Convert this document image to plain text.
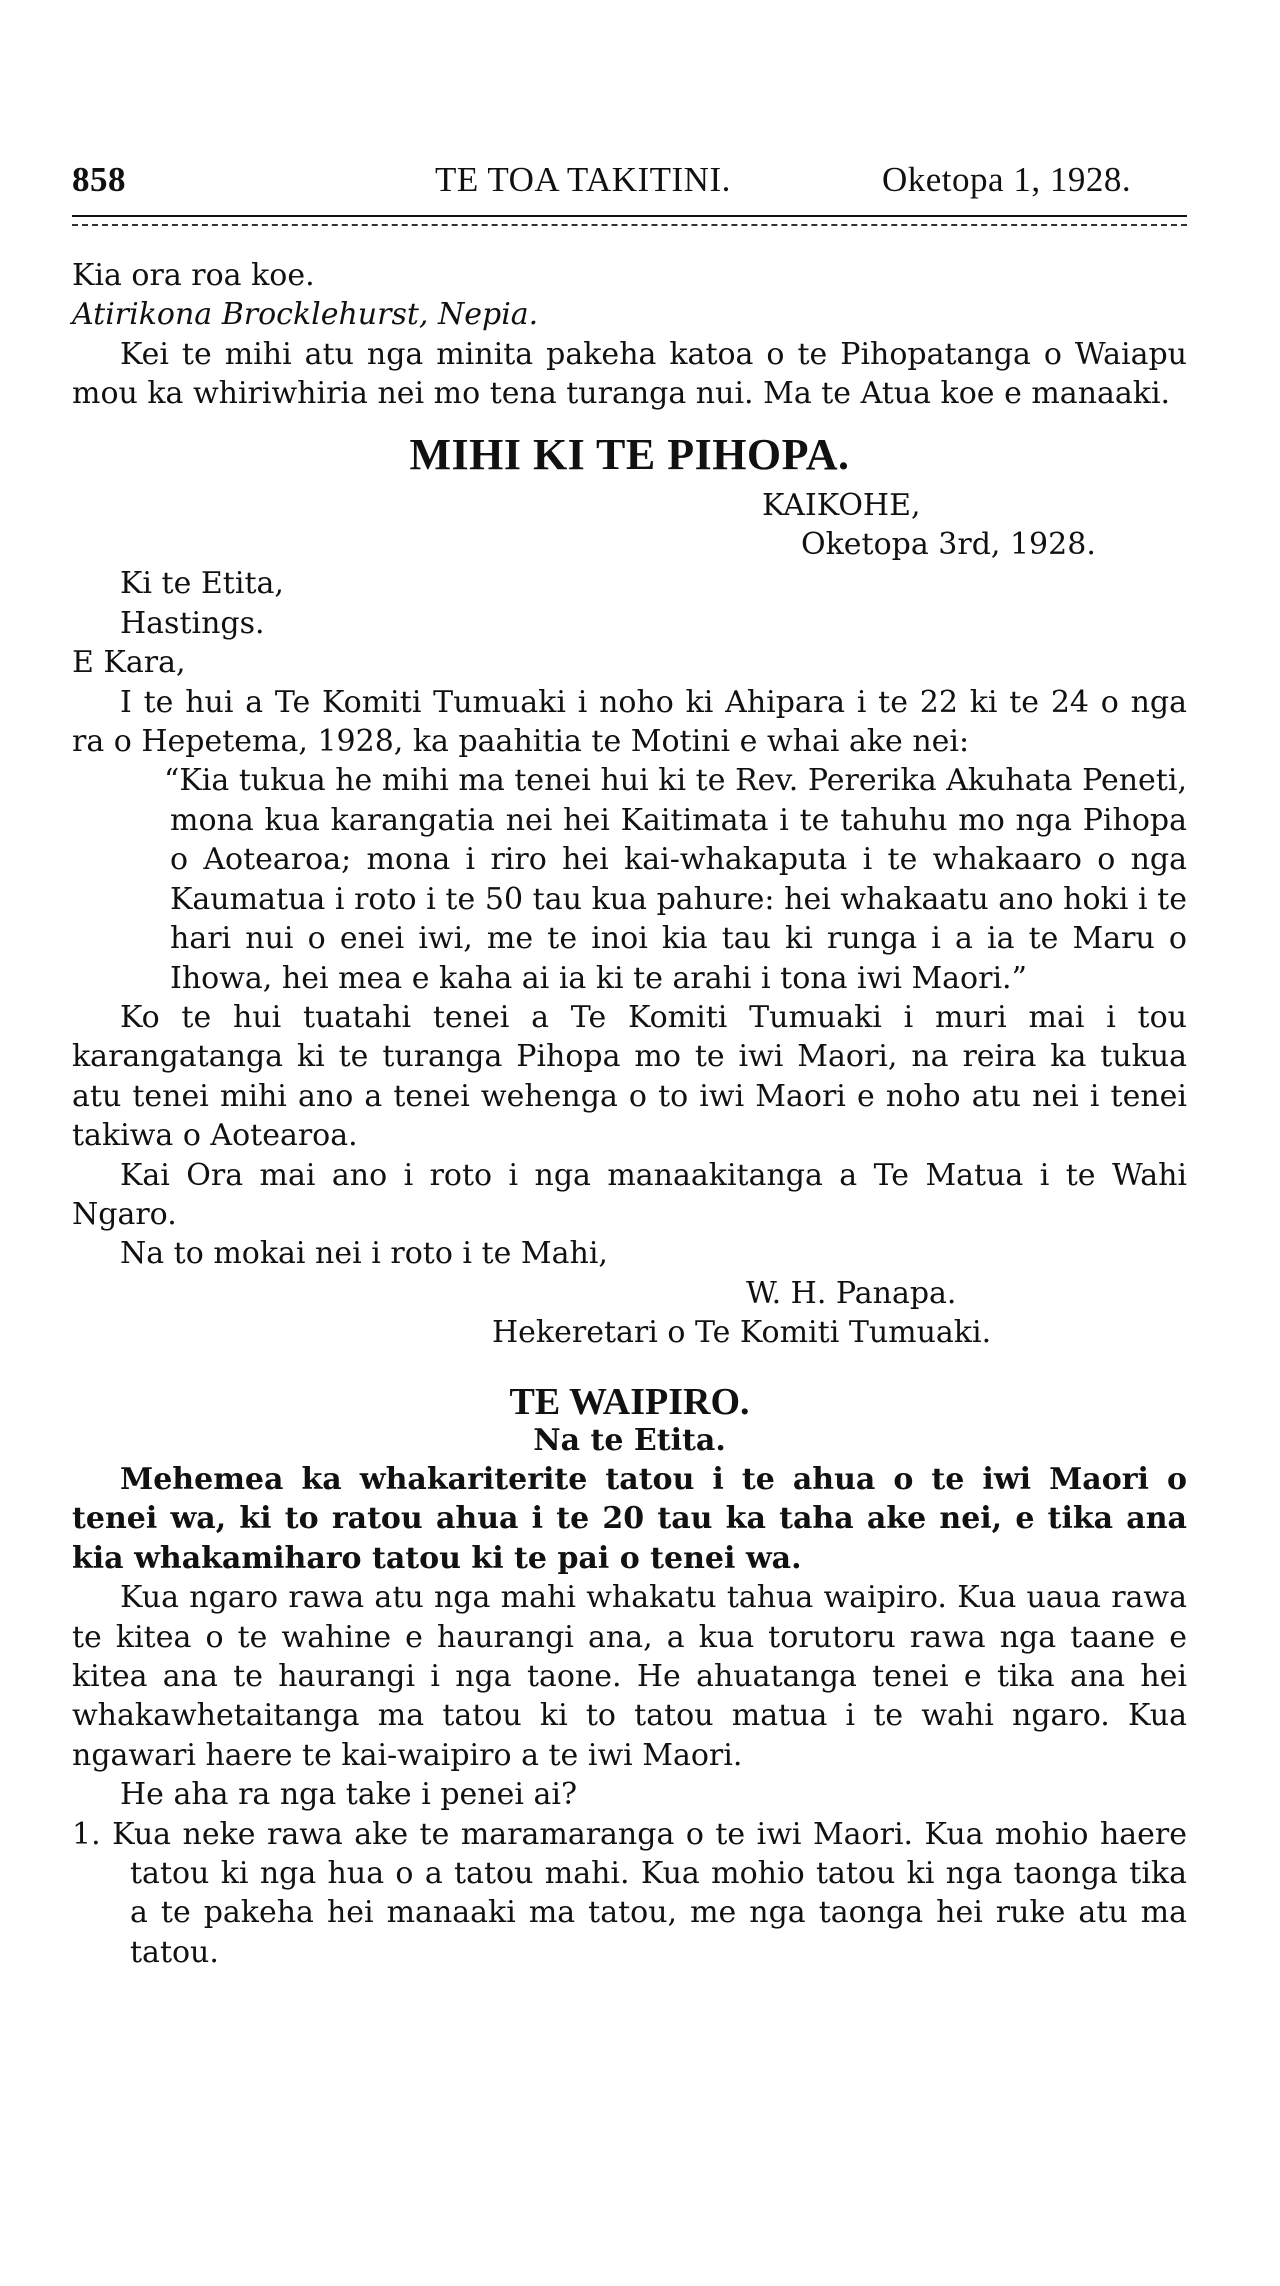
858	TE TOA TAKITINI.	Oketopa 1, 1928.

Kia ora roa koe.

Atirikona Brocklehurst, Nepia.

Kei te mihi atu nga minita pakeha katoa o te Pihopatanga o Waiapu mou ka whiriwhiria nei mo tena turanga nui. Ma te Atua koe e manaaki.

MIHI KI TE PIHOPA.

KAIKOHE,

Oketopa 3rd, 1928.

Ki te Etita,

Hastings.

E Kara,

I te hui a Te Komiti Tumuaki i noho ki Ahipara i te 22 ki te 24 o nga ra o Hepetema, 1928, ka paahitia te Motini e whai ake nei:

“Kia tukua he mihi ma tenei hui ki te Rev. Pererika Akuhata Peneti, mona kua karangatia nei hei Kaitimata i te tahuhu mo nga Pihopa o Aotearoa; mona i riro hei kai-whakaputa i te whakaaro o nga Kaumatua i roto i te 50 tau kua pahure: hei whakaatu ano hoki i te hari nui o enei iwi, me te inoi kia tau ki runga i a ia te Maru o Ihowa, hei mea e kaha ai ia ki te arahi i tona iwi Maori.”

Ko te hui tuatahi tenei a Te Komiti Tumuaki i muri mai i tou karangatanga ki te turanga Pihopa mo te iwi Maori, na reira ka tukua atu tenei mihi ano a tenei wehenga o to iwi Maori e noho atu nei i tenei takiwa o Aotearoa.

Kai Ora mai ano i roto i nga manaakitanga a Te Matua i te Wahi Ngaro.

Na to mokai nei i roto i te Mahi,

W. H. Panapa.

Hekeretari o Te Komiti Tumuaki.

TE WAIPIRO.

Na te Etita.

Mehemea ka whakariterite tatou i te ahua o te iwi Maori o tenei wa, ki to ratou ahua i te 20 tau ka taha ake nei, e tika ana kia whakamiharo tatou ki te pai o tenei wa.

Kua ngaro rawa atu nga mahi whakatu tahua waipiro. Kua uaua rawa te kitea o te wahine e haurangi ana, a kua torutoru rawa nga taane e kitea ana te haurangi i nga taone. He ahuatanga tenei e tika ana hei whakawhetaitanga ma tatou ki to tatou matua i te wahi ngaro. Kua ngawari haere te kai-waipiro a te iwi Maori.

He aha ra nga take i penei ai?

1. Kua neke rawa ake te maramaranga o te iwi Maori. Kua mohio haere tatou ki nga hua o a tatou mahi. Kua mohio tatou ki nga taonga tika a te pakeha hei manaaki ma tatou, me nga taonga hei ruke atu ma tatou.
